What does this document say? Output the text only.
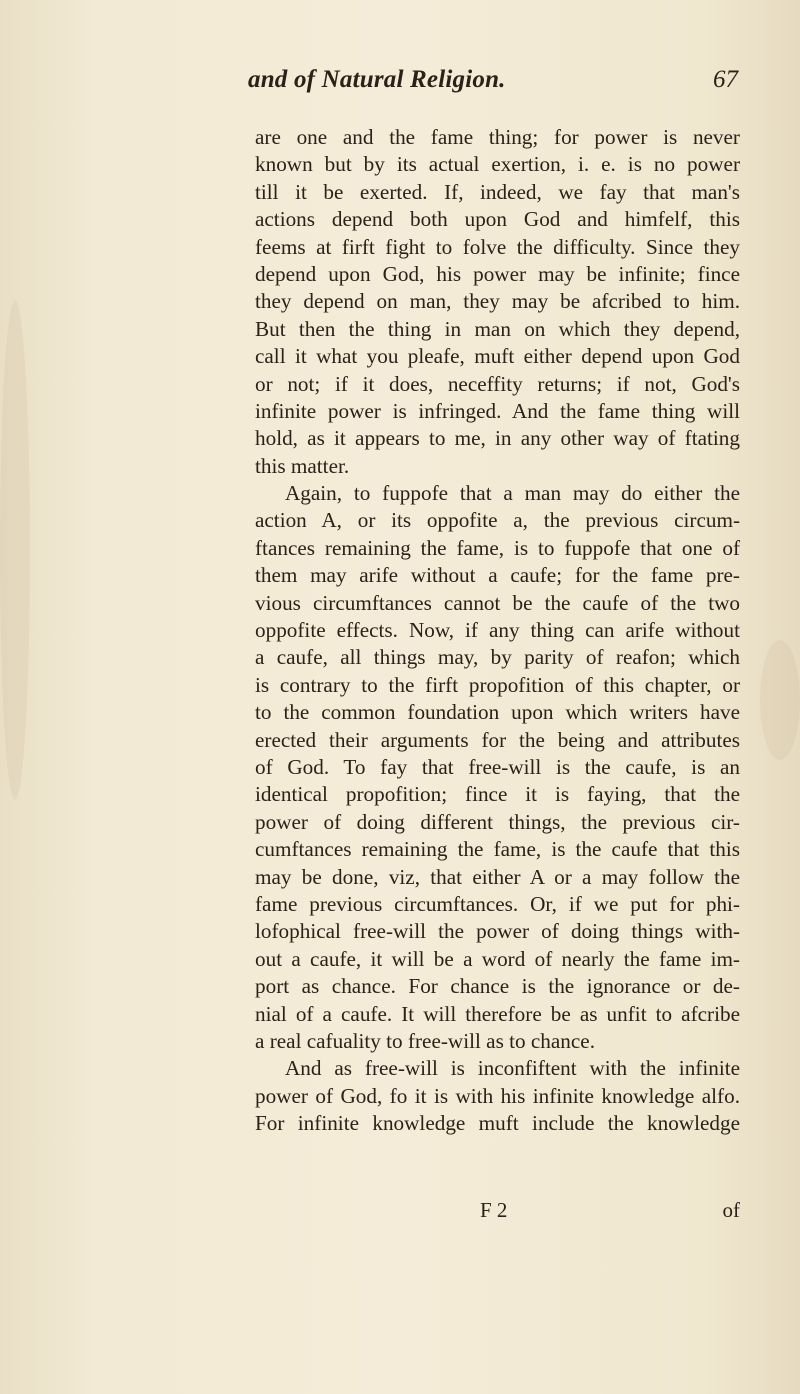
and of Natural Religion.	67
are one and the fame thing; for power is never
known but by its actual exertion, i. e. is no power
till it be exerted. If, indeed, we fay that man's
actions depend both upon God and himfelf, this
feems at firft fight to folve the difficulty. Since they
depend upon God, his power may be infinite; fince
they depend on man, they may be afcribed to him.
But then the thing in man on which they depend,
call it what you pleafe, muft either depend upon God
or not; if it does, neceffity returns; if not, God's
infinite power is infringed. And the fame thing will
hold, as it appears to me, in any other way of ftating
this matter.
Again, to fuppofe that a man may do either the
action A, or its oppofite a, the previous circum-
ftances remaining the fame, is to fuppofe that one of
them may arife without a caufe; for the fame pre-
vious circumftances cannot be the caufe of the two
oppofite effects. Now, if any thing can arife without
a caufe, all things may, by parity of reafon; which
is contrary to the firft propofition of this chapter, or
to the common foundation upon which writers have
erected their arguments for the being and attributes
of God. To fay that free-will is the caufe, is an
identical propofition; fince it is faying, that the
power of doing different things, the previous cir-
cumftances remaining the fame, is the caufe that this
may be done, viz, that either A or a may follow the
fame previous circumftances. Or, if we put for phi-
lofophical free-will the power of doing things with-
out a caufe, it will be a word of nearly the fame im-
port as chance. For chance is the ignorance or de-
nial of a caufe. It will therefore be as unfit to afcribe
a real cafuality to free-will as to chance.
And as free-will is inconfiftent with the infinite
power of God, fo it is with his infinite knowledge alfo.
For infinite knowledge muft include the knowledge
F 2	of
